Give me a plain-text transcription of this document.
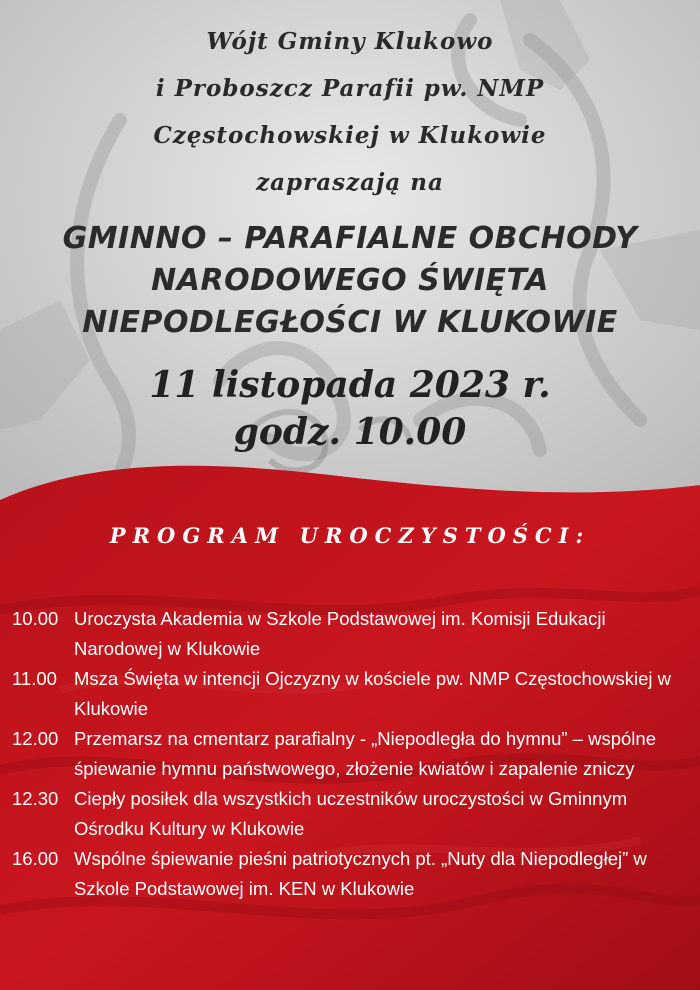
Wójt Gminy Klukowo
i Proboszcz Parafii pw. NMP
Częstochowskiej w Klukowie
zapraszają na
GMINNO – PARAFIALNE OBCHODY
NARODOWEGO ŚWIĘTA
NIEPODLEGŁOŚCI W KLUKOWIE
11 listopada 2023 r.
godz. 10.00
PROGRAM UROCZYSTOŚCI:
10.00 Uroczysta Akademia w Szkole Podstawowej im. Komisji Edukacji Narodowej w Klukowie
11.00 Msza Święta w intencji Ojczyzny w kościele pw. NMP Częstochowskiej w Klukowie
12.00 Przemarsz na cmentarz parafialny - „Niepodległa do hymnu” – wspólne śpiewanie hymnu państwowego, złożenie kwiatów i zapalenie zniczy
12.30 Ciepły posiłek dla wszystkich uczestników uroczystości w Gminnym Ośrodku Kultury w Klukowie
16.00 Wspólne śpiewanie pieśni patriotycznych pt. „Nuty dla Niepodległej” w Szkole Podstawowej im. KEN w Klukowie
